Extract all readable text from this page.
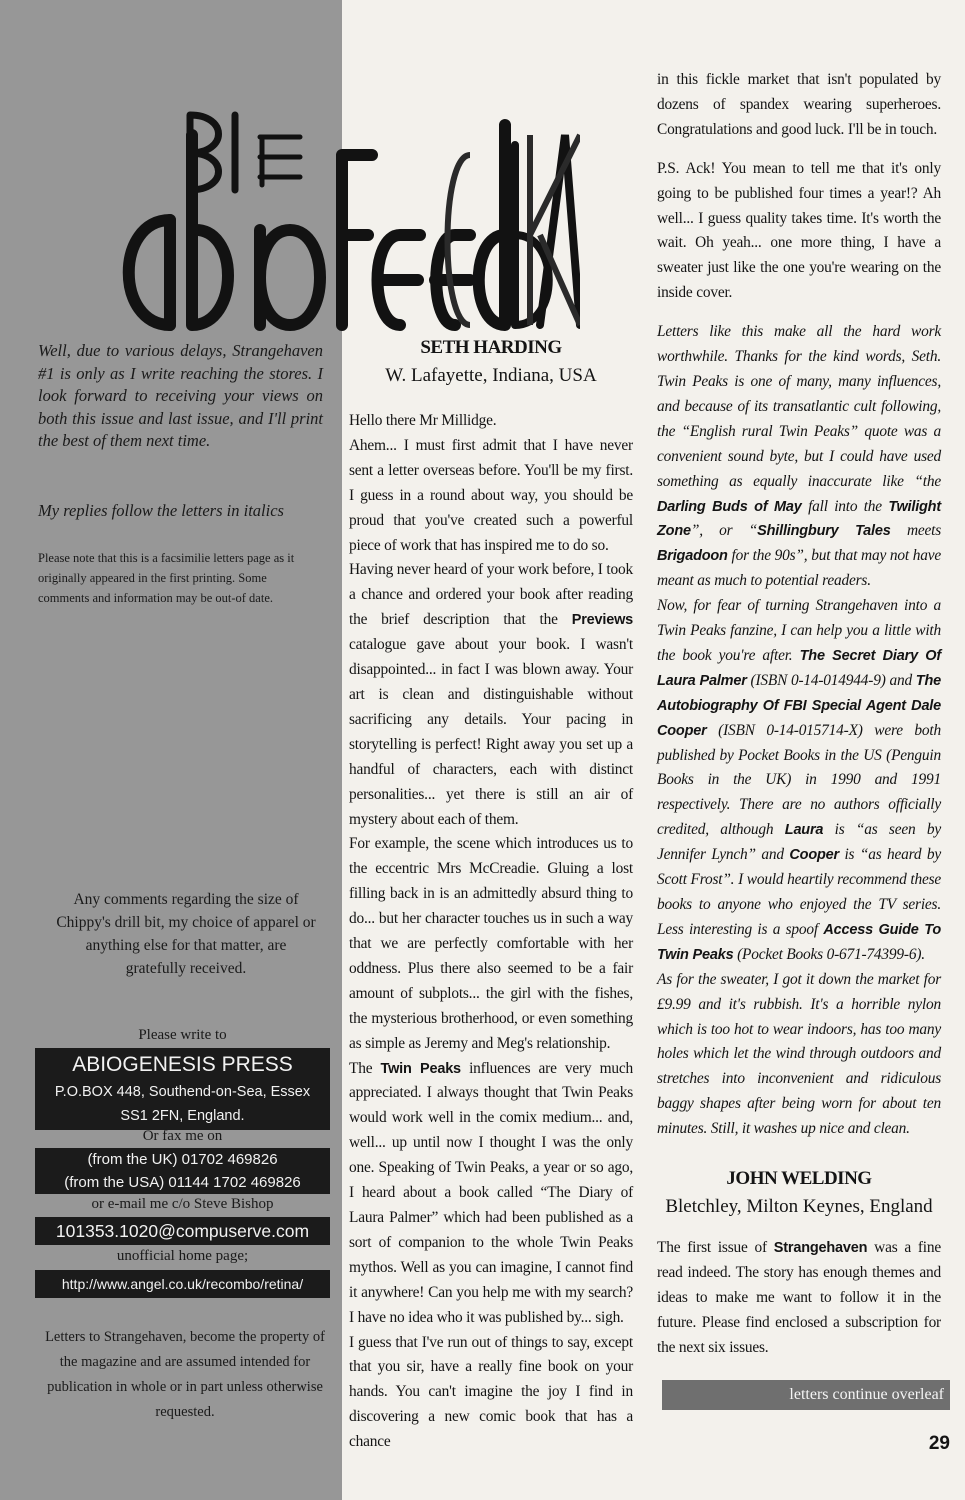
Well, due to various delays, Strangehaven #1 is only as I write reaching the stores. I look forward to receiving your views on both this issue and last issue, and I'll print the best of them next time.

My replies follow the letters in italics

Please note that this is a facsimilie letters page as it originally appeared in the first printing. Some comments and information may be out-of date.

Any comments regarding the size of Chippy's drill bit, my choice of apparel or anything else for that matter, are gratefully received.

Please write to

ABIOGENESIS PRESS
P.O.BOX 448, Southend-on-Sea, Essex
SS1 2FN, England.

Or fax me on

(from the UK) 01702 469826
(from the USA) 01144 1702 469826

or e-mail me c/o Steve Bishop

101353.1020@compuserve.com

unofficial home page;

http://www.angel.co.uk/recombo/retina/

Letters to Strangehaven, become the property of the magazine and are assumed intended for publication in whole or in part unless otherwise requested.

aBioFeedbacK

SETH HARDING

W. Lafayette, Indiana, USA

Hello there Mr Millidge.

Ahem... I must first admit that I have never sent a letter overseas before. You'll be my first. I guess in a round about way, you should be proud that you've created such a powerful piece of work that has inspired me to do so.

Having never heard of your work before, I took a chance and ordered your book after reading the brief description that the Previews catalogue gave about your book. I wasn't disappointed... in fact I was blown away. Your art is clean and distinguishable without sacrificing any details. Your pacing in storytelling is perfect! Right away you set up a handful of characters, each with distinct personalities... yet there is still an air of mystery about each of them.

For example, the scene which introduces us to the eccentric Mrs McCreadie. Gluing a lost filling back in is an admittedly absurd thing to do... but her character touches us in such a way that we are perfectly comfortable with her oddness. Plus there also seemed to be a fair amount of subplots... the girl with the fishes, the mysterious brotherhood, or even something as simple as Jeremy and Meg's relationship.

The Twin Peaks influences are very much appreciated. I always thought that Twin Peaks would work well in the comix medium... and, well... up until now I thought I was the only one. Speaking of Twin Peaks, a year or so ago, I heard about a book called “The Diary of Laura Palmer” which had been published as a sort of companion to the whole Twin Peaks mythos. Well as you can imagine, I cannot find it anywhere! Can you help me with my search? I have no idea who it was published by... sigh.

I guess that I've run out of things to say, except that you sir, have a really fine book on your hands. You can't imagine the joy I find in discovering a new comic book that has a chance

in this fickle market that isn't populated by dozens of spandex wearing superheroes. Congratulations and good luck. I'll be in touch.

P.S. Ack! You mean to tell me that it's only going to be published four times a year!? Ah well... I guess quality takes time. It's worth the wait. Oh yeah... one more thing, I have a sweater just like the one you're wearing on the inside cover.

Letters like this make all the hard work worthwhile. Thanks for the kind words, Seth. Twin Peaks is one of many, many influences, and because of its transatlantic cult following, the “English rural Twin Peaks” quote was a convenient sound byte, but I could have used something as equally inaccurate like “the Darling Buds of May fall into the Twilight Zone”, or “Shillingbury Tales meets Brigadoon for the 90s”, but that may not have meant as much to potential readers.

Now, for fear of turning Strangehaven into a Twin Peaks fanzine, I can help you a little with the book you're after. The Secret Diary Of Laura Palmer (ISBN 0-14-014944-9) and The Autobiography Of FBI Special Agent Dale Cooper (ISBN 0-14-015714-X) were both published by Pocket Books in the US (Penguin Books in the UK) in 1990 and 1991 respectively. There are no authors officially credited, although Laura is “as seen by Jennifer Lynch” and Cooper is “as heard by Scott Frost”. I would heartily recommend these books to anyone who enjoyed the TV series. Less interesting is a spoof Access Guide To Twin Peaks (Pocket Books 0-671-74399-6).

As for the sweater, I got it down the market for £9.99 and it's rubbish. It's a horrible nylon which is too hot to wear indoors, has too many holes which let the wind through outdoors and stretches into inconvenient and ridiculous baggy shapes after being worn for about ten minutes. Still, it washes up nice and clean.

JOHN WELDING

Bletchley, Milton Keynes, England

The first issue of Strangehaven was a fine read indeed. The story has enough themes and ideas to make me want to follow it in the future. Please find enclosed a subscription for the next six issues.

letters continue overleaf
29
